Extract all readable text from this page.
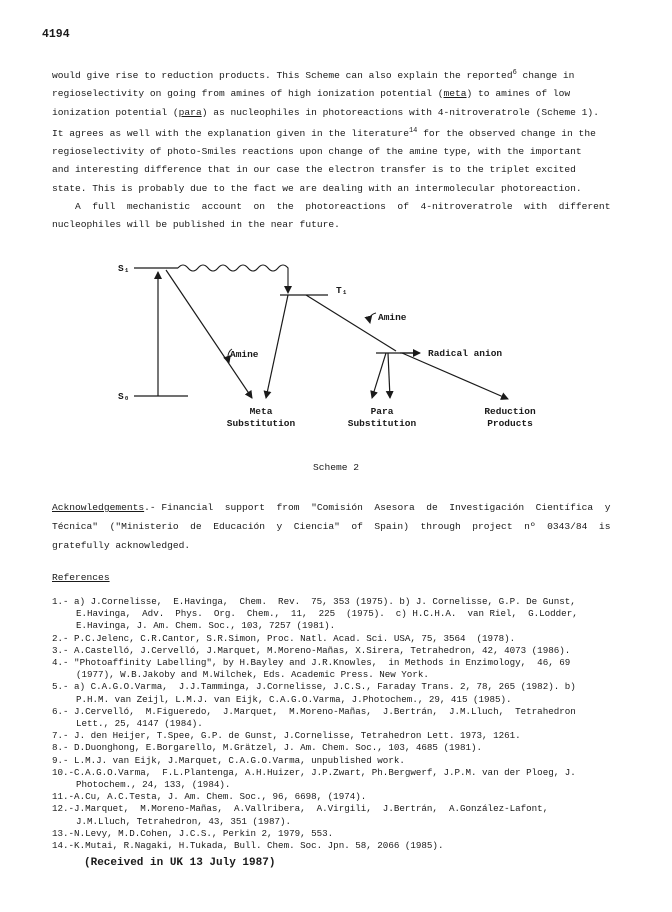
4194
would give rise to reduction products. This Scheme can also explain the reported$^6$ change in
regioselectivity on going from amines of high ionization potential (meta) to amines of low
ionization potential (para) as nucleophiles in photoreactions with 4-nitroveratrole (Scheme 1).
It agrees as well with the explanation given in the literature$^{14}$ for the observed change in the
regioselectivity of photo-Smiles reactions upon change of the amine type, with the important
and interesting difference that in our case the electron transfer is to the triplet excited
state. This is probably due to the fact we are dealing with an intermolecular photoreaction.
A  full  mechanistic  account  on  the  photoreactions  of  4-nitroveratrole  with  different
nucleophiles will be published in the near future.
S₁
T₁
S₀
Amine
Amine
Radical anion
Meta
Substitution
Para
Substitution
Reduction
Products
Scheme 2
Acknowledgements.- Financial  support  from  "Comisión  Asesora  de  Investigación  Científica  y
Técnica"  ("Ministerio  de  Educación  y  Ciencia"  of  Spain)  through  project  nº  0343/84  is
gratefully acknowledged.
References
1.- a) J.Cornelisse,  E.Havinga,  Chem.  Rev.  75, 353 (1975). b) J. Cornelisse, G.P. De Gunst,
E.Havinga,  Adv.  Phys.  Org.  Chem.,  11,  225  (1975).  c) H.C.H.A.  van Riel,  G.Lodder,
E.Havinga, J. Am. Chem. Soc., 103, 7257 (1981).
2.- P.C.Jelenc, C.R.Cantor, S.R.Simon, Proc. Natl. Acad. Sci. USA, 75, 3564  (1978).
3.- A.Castelló, J.Cervelló, J.Marquet, M.Moreno-Mañas, X.Sirera, Tetrahedron, 42, 4073 (1986).
4.- "Photoaffinity Labelling", by H.Bayley and J.R.Knowles,  in Methods in Enzimology,  46, 69
(1977), W.B.Jakoby and M.Wilchek, Eds. Academic Press. New York.
5.- a) C.A.G.O.Varma,  J.J.Tamminga, J.Cornelisse, J.C.S., Faraday Trans. 2, 78, 265 (1982). b)
P.H.M. van Zeijl, L.M.J. van Eijk, C.A.G.O.Varma, J.Photochem., 29, 415 (1985).
6.- J.Cervelló,  M.Figueredo,  J.Marquet,  M.Moreno-Mañas,  J.Bertrán,  J.M.Lluch,  Tetrahedron
Lett., 25, 4147 (1984).
7.- J. den Heijer, T.Spee, G.P. de Gunst, J.Cornelisse, Tetrahedron Lett. 1973, 1261.
8.- D.Duonghong, E.Borgarello, M.Grätzel, J. Am. Chem. Soc., 103, 4685 (1981).
9.- L.M.J. van Eijk, J.Marquet, C.A.G.O.Varma, unpublished work.
10.-C.A.G.O.Varma,  F.L.Plantenga, A.H.Huizer, J.P.Zwart, Ph.Bergwerf, J.P.M. van der Ploeg, J.
Photochem., 24, 133, (1984).
11.-A.Cu, A.C.Testa, J. Am. Chem. Soc., 96, 6698, (1974).
12.-J.Marquet,  M.Moreno-Mañas,  A.Vallribera,  A.Virgili,  J.Bertrán,  A.González-Lafont,
J.M.Lluch, Tetrahedron, 43, 351 (1987).
13.-N.Levy, M.D.Cohen, J.C.S., Perkin 2, 1979, 553.
14.-K.Mutai, R.Nagaki, H.Tukada, Bull. Chem. Soc. Jpn. 58, 2066 (1985).
(Received in UK 13 July 1987)
